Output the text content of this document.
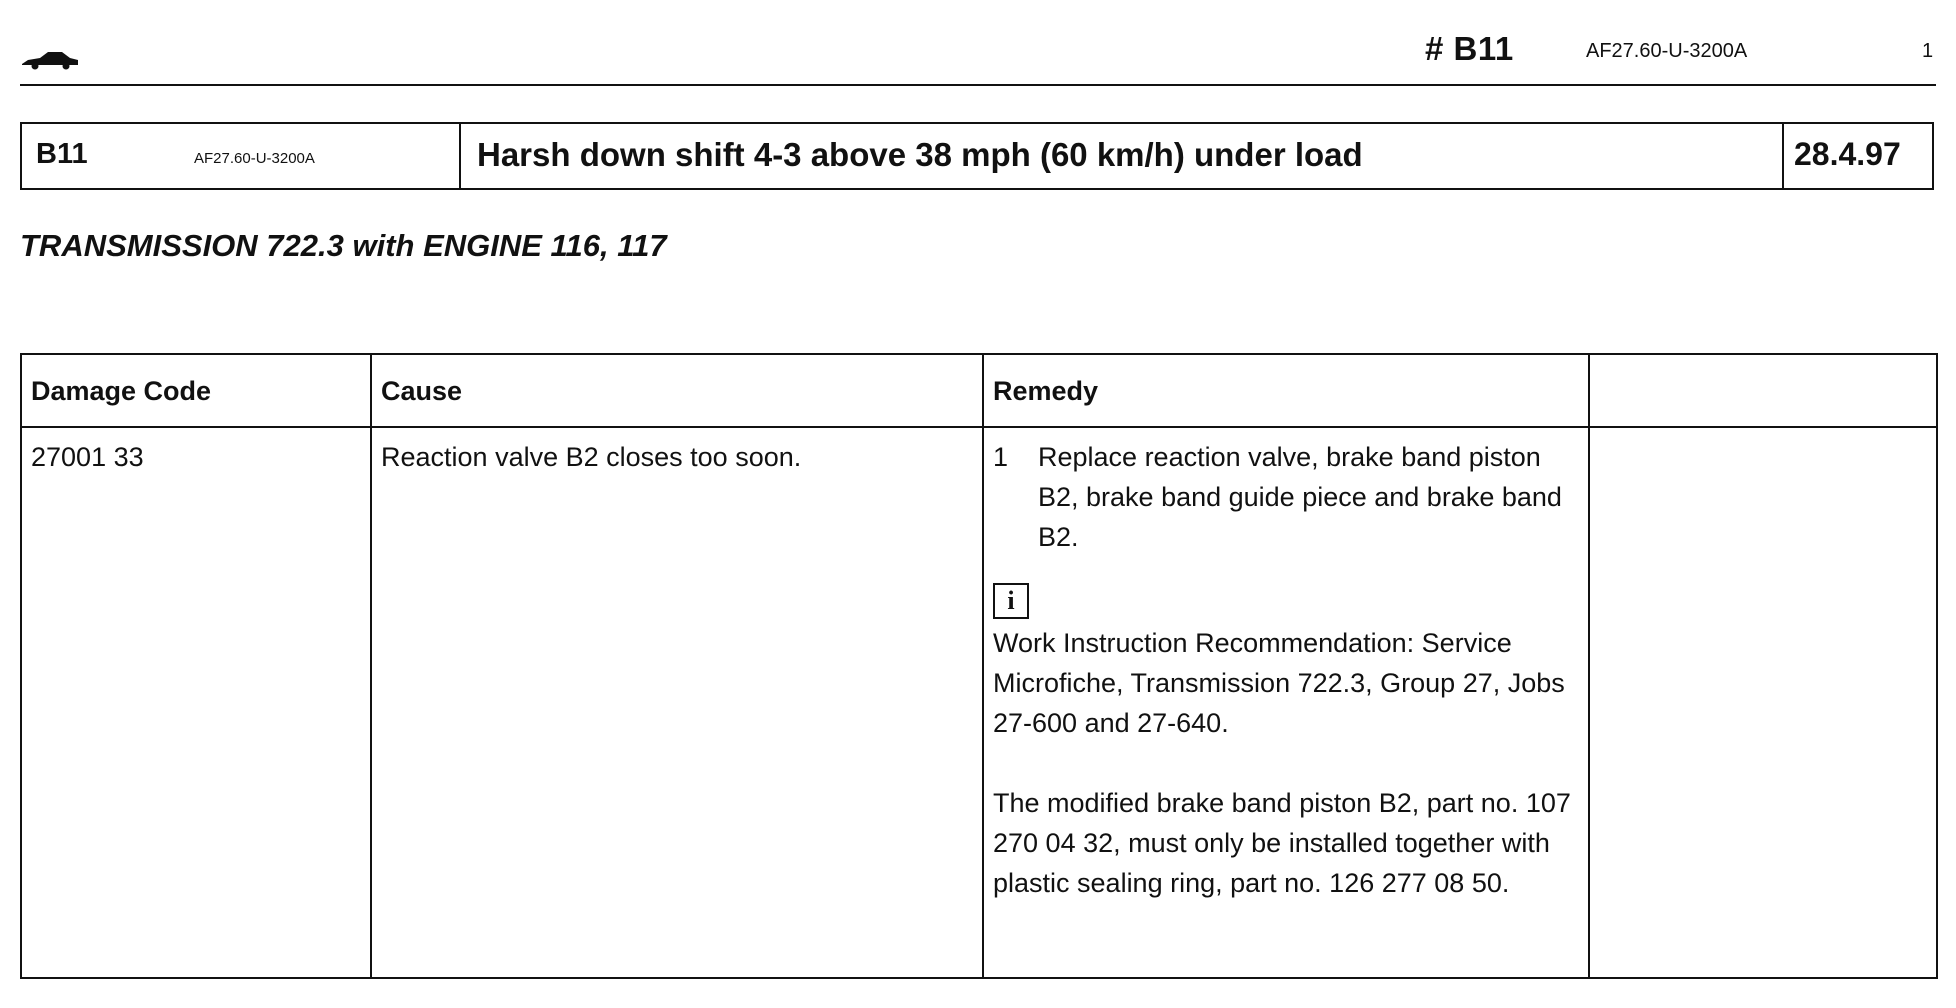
# B11	AF27.60-U-3200A	1
B11	AF27.60-U-3200A	Harsh down shift 4-3 above 38 mph (60 km/h) under load	28.4.97
TRANSMISSION 722.3 with ENGINE 116, 117
Damage Code	Cause	Remedy	
27001 33	Reaction valve B2 closes too soon.	1 Replace reaction valve, brake band piston B2, brake band guide piece and brake band B2.
i
Work Instruction Recommendation: Service Microfiche, Transmission 722.3, Group 27, Jobs 27-600 and 27-640.
The modified brake band piston B2, part no. 107 270 04 32, must only be installed together with plastic sealing ring, part no. 126 277 08 50.	
